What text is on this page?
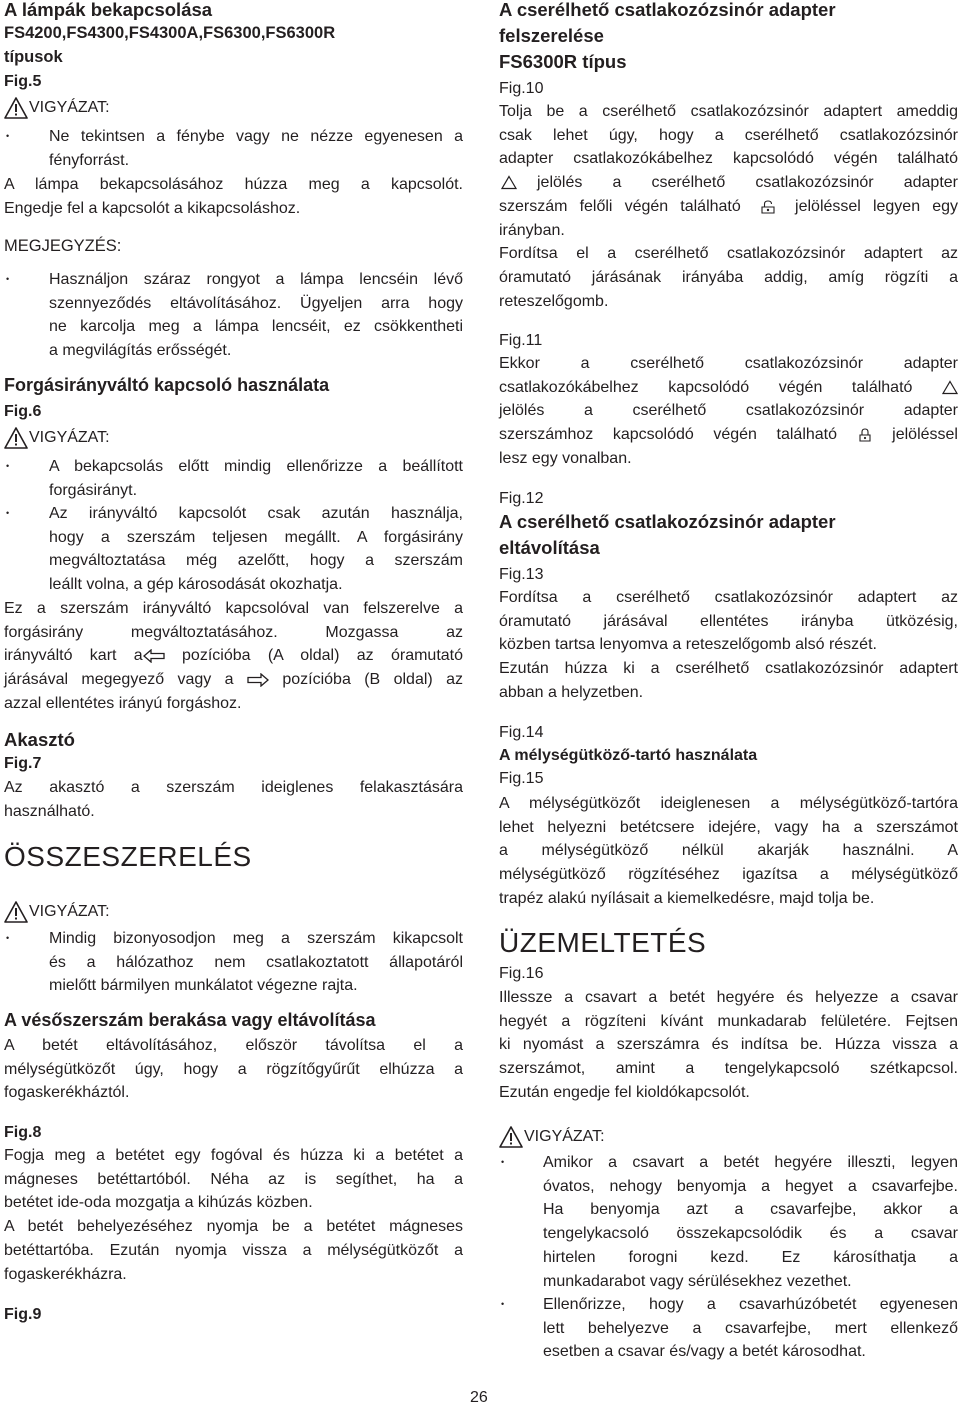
A lámpák bekapcsolása
FS4200,FS4300,FS4300A,FS6300,FS6300R
típusok
Fig.5
VIGYÁZAT:
• Ne tekintsen a fénybe vagy ne nézze egyenesen a
fényforrást.
A lámpa bekapcsolásához húzza meg a kapcsolót.
Engedje fel a kapcsolót a kikapcsoláshoz.
MEGJEGYZÉS:
• Használjon száraz rongyot a lámpa lencséin lévő
szennyeződés eltávolításához. Ügyeljen arra hogy
ne karcolja meg a lámpa lencséit, ez csökkentheti
a megvilágítás erősségét.
Forgásirányváltó kapcsoló használata
Fig.6
VIGYÁZAT:
• A bekapcsolás előtt mindig ellenőrizze a beállított
forgásirányt.
• Az irányváltó kapcsolót csak azután használja,
hogy a szerszám teljesen megállt. A forgásirány
megváltoztatása még azelőtt, hogy a szerszám
leállt volna, a gép károsodását okozhatja.
Ez a szerszám irányváltó kapcsolóval van felszerelve a
forgásirány megváltoztatásához. Mozgassa az
irányváltó kart a pozícióba (A oldal) az óramutató
járásával megegyező vagy a	pozícióba (B oldal) az
azzal ellentétes irányú forgáshoz.
Akasztó
Fig.7
Az akasztó a szerszám ideiglenes felakasztására
használható.
ÖSSZESZERELÉS
VIGYÁZAT:
• Mindig bizonyosodjon meg a szerszám kikapcsolt
és a hálózathoz nem csatlakoztatott állapotáról
mielőtt bármilyen munkálatot végezne rajta.
A vésőszerszám berakása vagy eltávolítása
A betét eltávolításához, először távolítsa el a
mélységütközőt úgy, hogy a rögzítőgyűrűt elhúzza a
fogaskerékháztól.
Fig.8
Fogja meg a betétet egy fogóval és húzza ki a betétet a
mágneses betéttartóból. Néha az is segíthet, ha a
betétet ide-oda mozgatja a kihúzás közben.
A betét behelyezéséhez nyomja be a betétet mágneses
betéttartóba. Ezután nyomja vissza a mélységütközőt a
fogaskerékházra.
Fig.9
A cserélhető csatlakozózsinór adapter
felszerelése
FS6300R típus
Fig.10
Tolja be a cserélhető csatlakozózsinór adaptert ameddig
csak lehet úgy, hogy a cserélhető csatlakozózsinór
adapter csatlakozókábelhez kapcsolódó végén található
jelölés a cserélhető csatlakozózsinór adapter
szerszám felőli végén található	jelöléssel legyen egy
irányban.
Fordítsa el a cserélhető csatlakozózsinór adaptert az
óramutató járásának irányába addig, amíg rögzíti a
reteszelőgomb.
Fig.11
Ekkor a cserélhető csatlakozózsinór adapter
csatlakozókábelhez kapcsolódó végén található
jelölés a cserélhető csatlakozózsinór adapter
szerszámhoz kapcsolódó végén található	jelöléssel
lesz egy vonalban.
Fig.12
A cserélhető csatlakozózsinór adapter
eltávolítása
Fig.13
Fordítsa a cserélhető csatlakozózsinór adaptert az
óramutató járásával ellentétes irányba ütközésig,
közben tartsa lenyomva a reteszelőgomb alsó részét.
Ezután húzza ki a cserélhető csatlakozózsinór adaptert
abban a helyzetben.
Fig.14
A mélységütköző-tartó használata
Fig.15
A mélységütközőt ideiglenesen a mélységütköző-tartóra
lehet helyezni betétcsere idejére, vagy ha a szerszámot
a mélységütköző nélkül akarják használni. A
mélységütköző rögzítéséhez igazítsa a mélységütköző
trapéz alakú nyílásait a kiemelkedésre, majd tolja be.
ÜZEMELTETÉS
Fig.16
Illessze a csavart a betét hegyére és helyezze a csavar
hegyét a rögzíteni kívánt munkadarab felületére. Fejtsen
ki nyomást a szerszámra és indítsa be. Húzza vissza a
szerszámot, amint a tengelykapcsoló szétkapcsol.
Ezután engedje fel kioldókapcsolót.
VIGYÁZAT:
• Amikor a csavart a betét hegyére illeszti, legyen
óvatos, nehogy benyomja a hegyet a csavarfejbe.
Ha benyomja azt a csavarfejbe, akkor a
tengelykacsoló összekapcsolódik és a csavar
hirtelen forogni kezd. Ez károsíthatja a
munkadarabot vagy sérülésekhez vezethet.
• Ellenőrizze, hogy a csavarhúzóbetét egyenesen
lett behelyezve a csavarfejbe, mert ellenkező
esetben a csavar és/vagy a betét károsodhat.
26
